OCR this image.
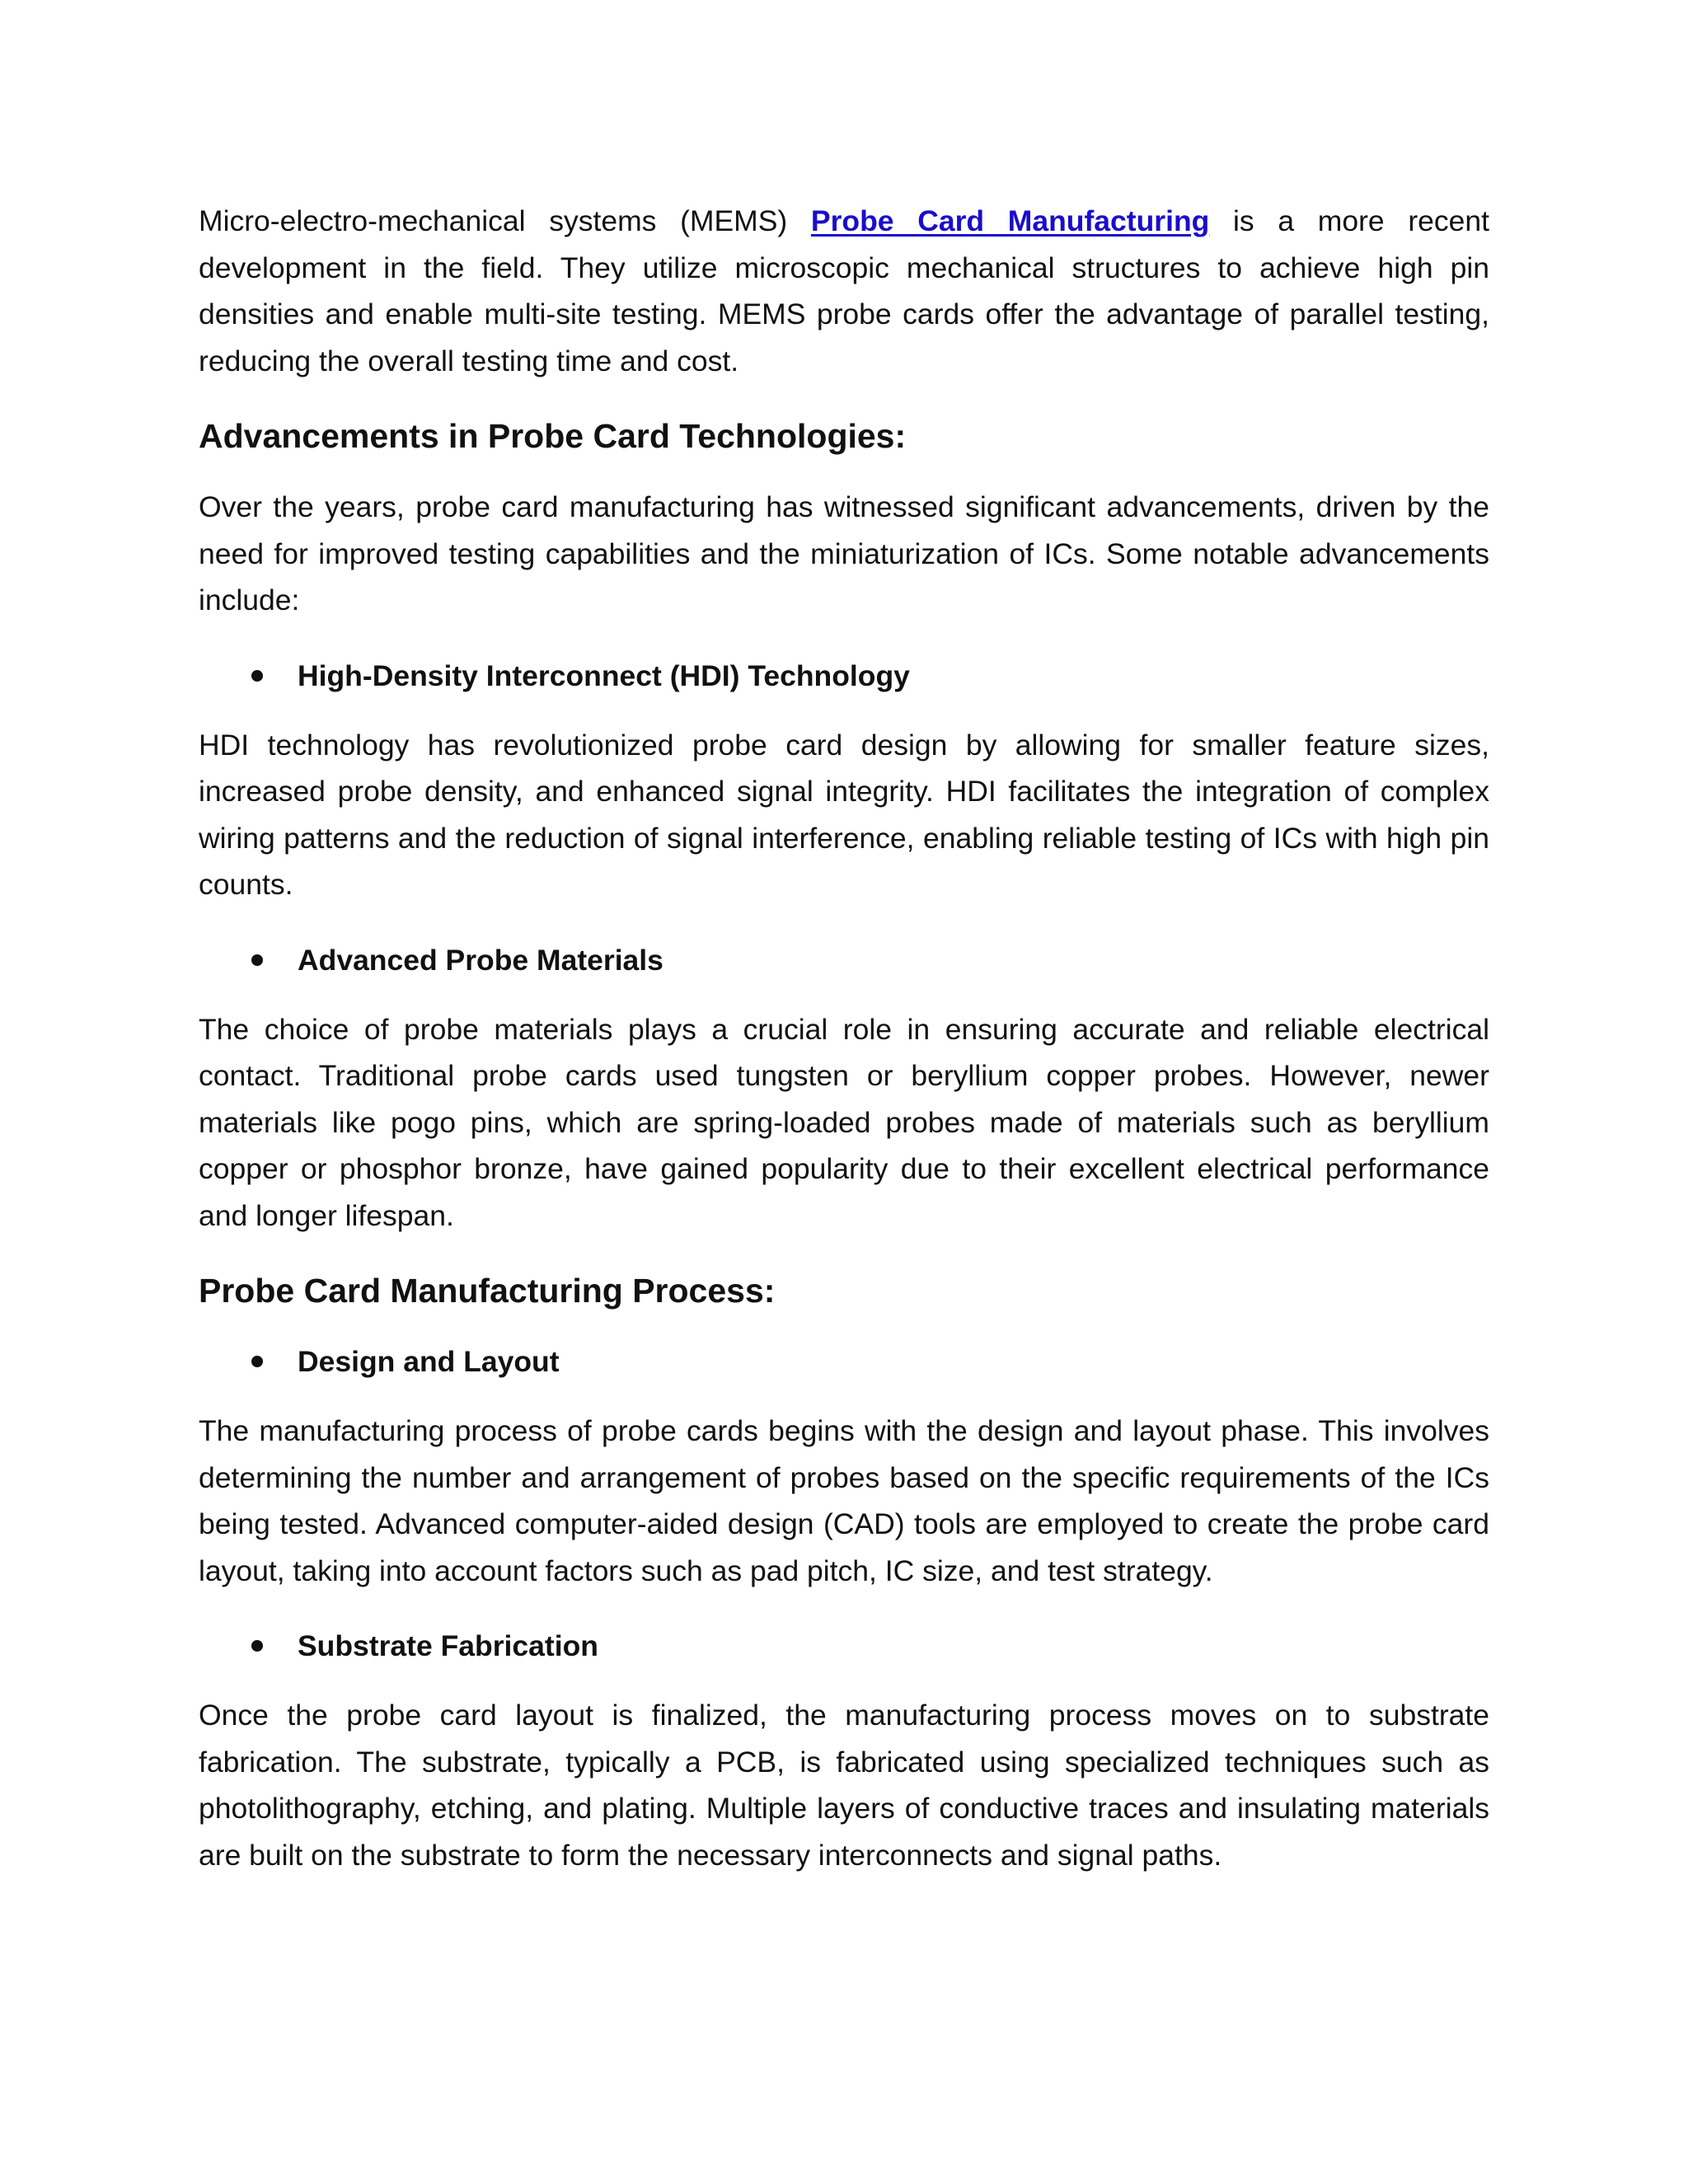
Micro-electro-mechanical systems (MEMS) Probe Card Manufacturing is a more recent development in the field. They utilize microscopic mechanical structures to achieve high pin densities and enable multi-site testing. MEMS probe cards offer the advantage of parallel testing, reducing the overall testing time and cost.

Advancements in Probe Card Technologies:

Over the years, probe card manufacturing has witnessed significant advancements, driven by the need for improved testing capabilities and the miniaturization of ICs. Some notable advancements include:

High-Density Interconnect (HDI) Technology

HDI technology has revolutionized probe card design by allowing for smaller feature sizes, increased probe density, and enhanced signal integrity. HDI facilitates the integration of complex wiring patterns and the reduction of signal interference, enabling reliable testing of ICs with high pin counts.

Advanced Probe Materials

The choice of probe materials plays a crucial role in ensuring accurate and reliable electrical contact. Traditional probe cards used tungsten or beryllium copper probes. However, newer materials like pogo pins, which are spring-loaded probes made of materials such as beryllium copper or phosphor bronze, have gained popularity due to their excellent electrical performance and longer lifespan.

Probe Card Manufacturing Process:
Design and Layout

The manufacturing process of probe cards begins with the design and layout phase. This involves determining the number and arrangement of probes based on the specific requirements of the ICs being tested. Advanced computer-aided design (CAD) tools are employed to create the probe card layout, taking into account factors such as pad pitch, IC size, and test strategy.

Substrate Fabrication

Once the probe card layout is finalized, the manufacturing process moves on to substrate fabrication. The substrate, typically a PCB, is fabricated using specialized techniques such as photolithography, etching, and plating. Multiple layers of conductive traces and insulating materials are built on the substrate to form the necessary interconnects and signal paths.
